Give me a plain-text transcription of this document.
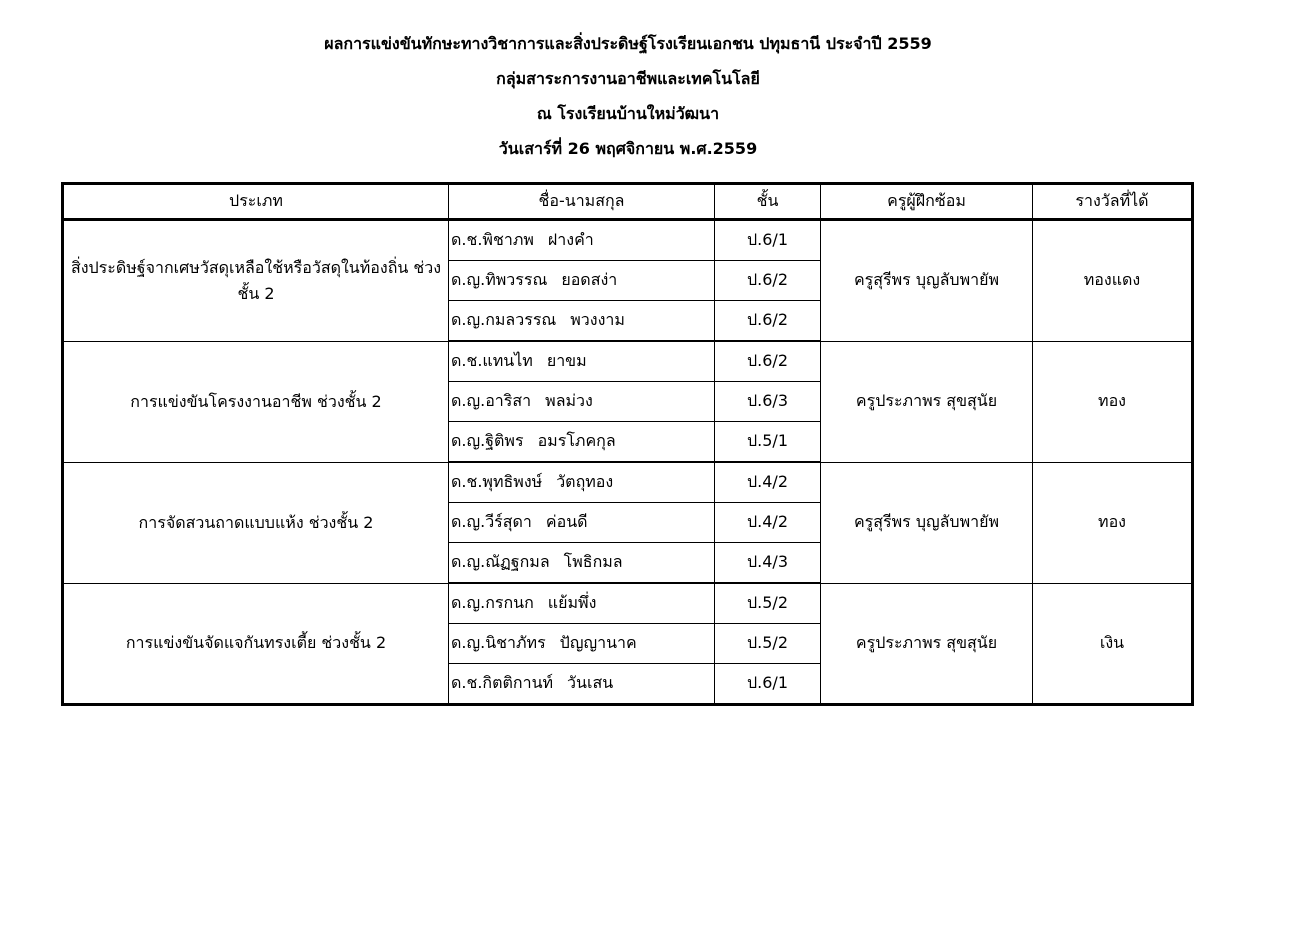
ผลการแข่งขันทักษะทางวิชาการและสิ่งประดิษฐ์โรงเรียนเอกชน ปทุมธานี ประจำปี 2559
กลุ่มสาระการงานอาชีพและเทคโนโลยี
ณ โรงเรียนบ้านใหม่วัฒนา
วันเสาร์ที่ 26 พฤศจิกายน พ.ศ.2559
ประเภท	ชื่อ-นามสกุล	ชั้น	ครูผู้ฝึกซ้อม	รางวัลที่ได้
สิ่งประดิษฐ์จากเศษวัสดุเหลือใช้หรือวัสดุในท้องถิ่น ช่วงชั้น 2	ด.ช.พิชาภพ ฝางคำ	ป.6/1	ครูสุรีพร บุญลับพายัพ	ทองแดง
	ด.ญ.ทิพวรรณ ยอดสง่า	ป.6/2		
	ด.ญ.กมลวรรณ พวงงาม	ป.6/2		
การแข่งขันโครงงานอาชีพ ช่วงชั้น 2	ด.ช.แทนไท ยาขม	ป.6/2	ครูประภาพร สุขสุนัย	ทอง
	ด.ญ.อาริสา พลม่วง	ป.6/3		
	ด.ญ.ฐิติพร อมรโภคกุล	ป.5/1		
การจัดสวนถาดแบบแห้ง ช่วงชั้น 2	ด.ช.พุทธิพงษ์ วัตถุทอง	ป.4/2	ครูสุรีพร บุญลับพายัพ	ทอง
	ด.ญ.วีร์สุดา ค่อนดี	ป.4/2		
	ด.ญ.ณัฏฐกมล โพธิกมล	ป.4/3		
การแข่งขันจัดแจกันทรงเตี้ย ช่วงชั้น 2	ด.ญ.กรกนก แย้มพึ่ง	ป.5/2	ครูประภาพร สุขสุนัย	เงิน
	ด.ญ.นิชาภัทร ปัญญานาค	ป.5/2		
	ด.ช.กิตติกานท์ วันเสน	ป.6/1		
